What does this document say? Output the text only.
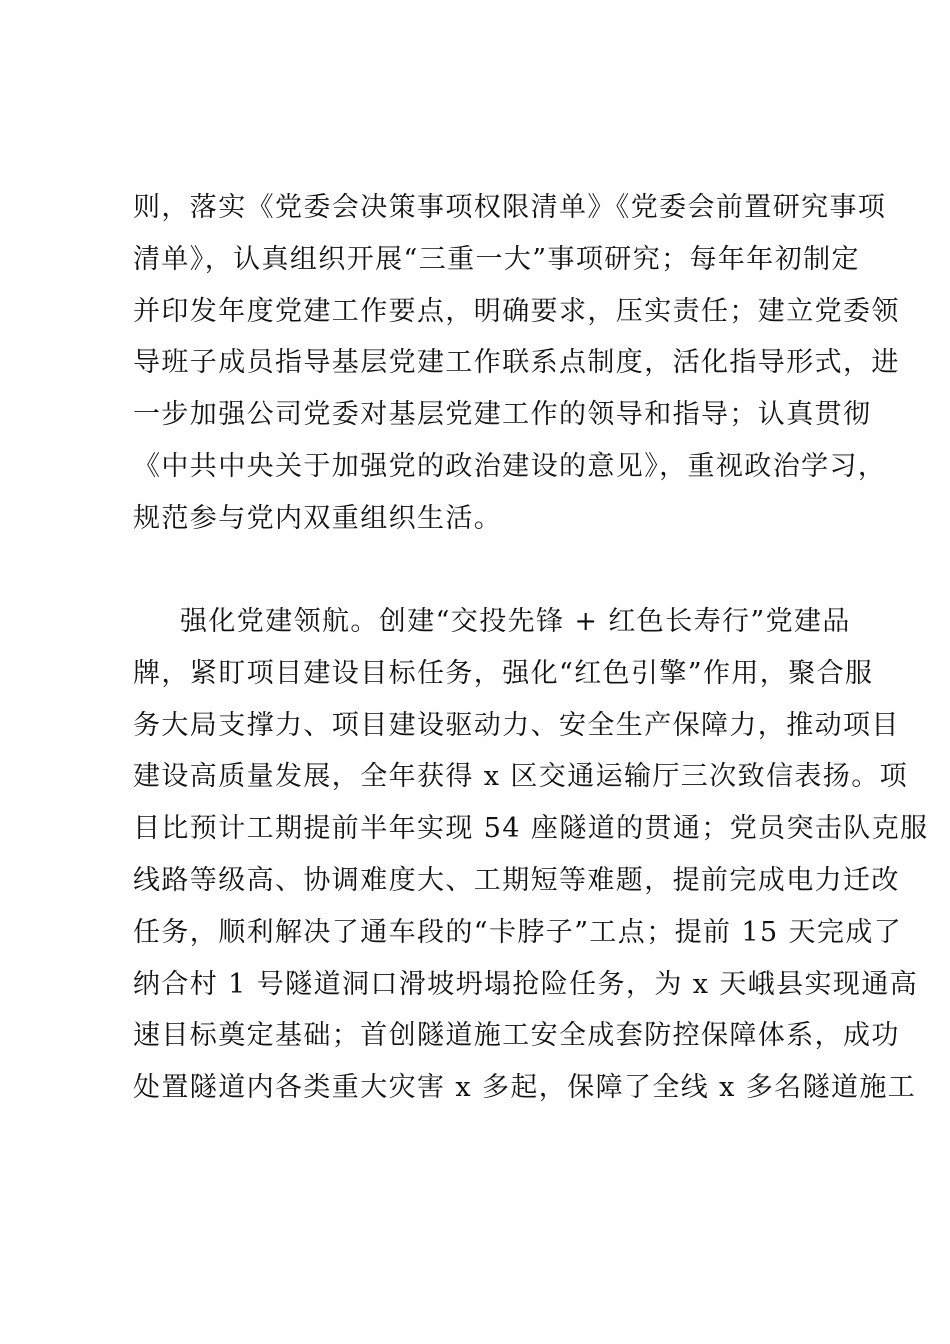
则，落实《党委会决策事项权限清单》《党委会前置研究事项
清单》，认真组织开展“三重一大”事项研究；每年年初制定
并印发年度党建工作要点，明确要求，压实责任；建立党委领
导班子成员指导基层党建工作联系点制度，活化指导形式，进
一步加强公司党委对基层党建工作的领导和指导；认真贯彻
《中共中央关于加强党的政治建设的意见》，重视政治学习，
规范参与党内双重组织生活。
强化党建领航。创建“交投先锋 + 红色长寿行”党建品
牌，紧盯项目建设目标任务，强化“红色引擎”作用，聚合服
务大局支撑力、项目建设驱动力、安全生产保障力，推动项目
建设高质量发展，全年获得 x 区交通运输厅三次致信表扬。项
目比预计工期提前半年实现 54 座隧道的贯通；党员突击队克服
线路等级高、协调难度大、工期短等难题，提前完成电力迁改
任务，顺利解决了通车段的“卡脖子”工点；提前 15 天完成了
纳合村 1 号隧道洞口滑坡坍塌抢险任务，为 x 天峨县实现通高
速目标奠定基础；首创隧道施工安全成套防控保障体系，成功
处置隧道内各类重大灾害 x 多起，保障了全线 x 多名隧道施工
